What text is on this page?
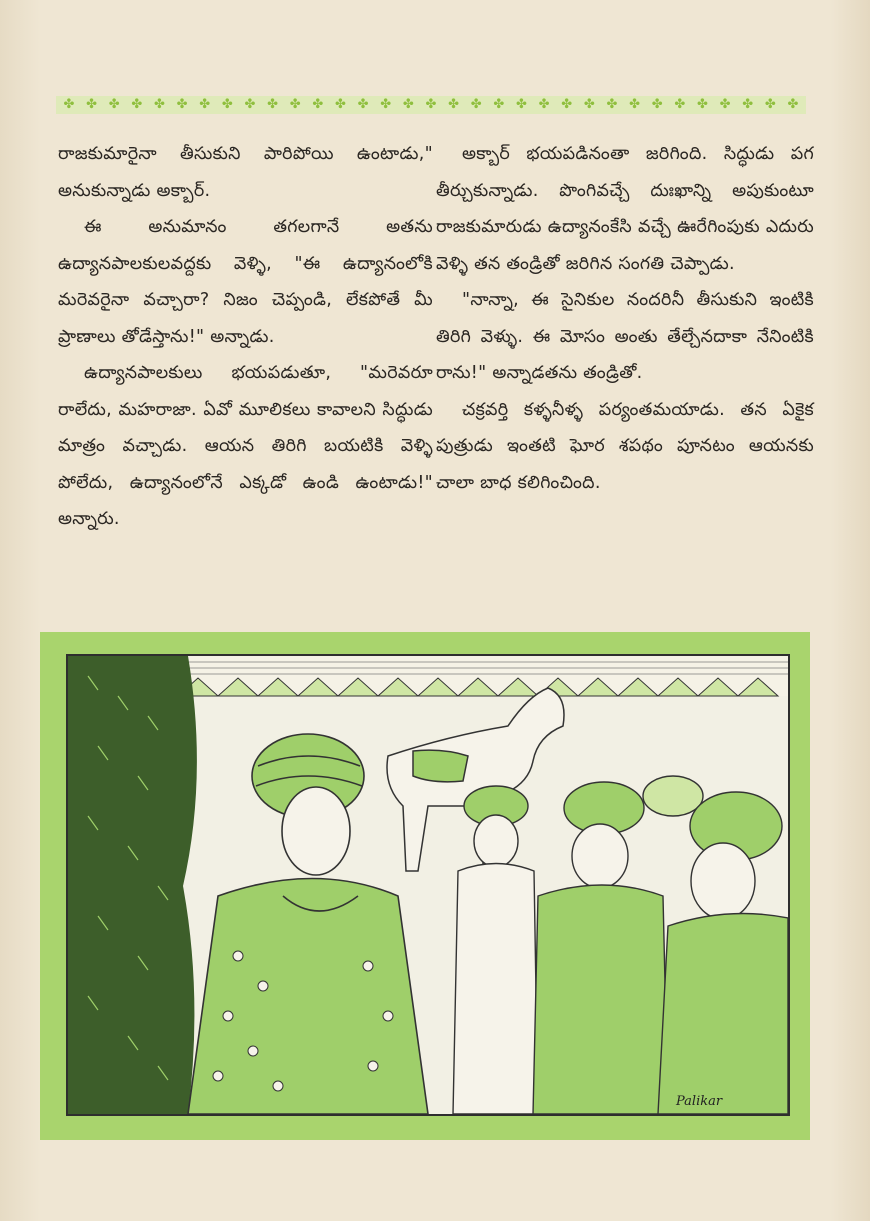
✤ ✤ ✤ ✤ ✤ ✤ ✤ ✤ ✤ ✤ ✤ ✤ ✤ ✤ ✤ ✤ ✤ ✤ ✤ ✤ ✤ ✤ ✤ ✤ ✤ ✤ ✤ ✤ ✤ ✤ ✤ ✤ ✤

రాజకుమారైనా తీసుకుని పారిపోయి ఉంటాడు," అనుకున్నాడు అక్బార్.

ఈ అనుమానం తగలగానే అతను ఉద్యానపాలకులవద్దకు వెళ్ళి, "ఈ ఉద్యానంలోకి మరెవరైనా వచ్చారా? నిజం చెప్పండి, లేకపోతే మీ ప్రాణాలు తోడేస్తాను!" అన్నాడు.

ఉద్యానపాలకులు భయపడుతూ, "మరెవరూ రాలేదు, మహరాజా. ఏవో మూలికలు కావాలని సిద్ధుడు మాత్రం వచ్చాడు. ఆయన తిరిగి బయటికి వెళ్ళి పోలేదు, ఉద్యానంలోనే ఎక్కడో ఉండి ఉంటాడు!" అన్నారు.

అక్బార్ భయపడినంతా జరిగింది. సిద్ధుడు పగ తీర్చుకున్నాడు. పొంగివచ్చే దుఃఖాన్ని అపుకుంటూ రాజకుమారుడు ఉద్యానంకేసి వచ్చే ఊరేగింపుకు ఎదురు వెళ్ళి తన తండ్రితో జరిగిన సంగతి చెప్పాడు.

"నాన్నా, ఈ సైనికుల నందరినీ తీసుకుని ఇంటికి తిరిగి వెళ్ళు. ఈ మోసం అంతు తేల్చేనదాకా నేనింటికి రాను!" అన్నాడతను తండ్రితో.

చక్రవర్తి కళ్ళనీళ్ళ పర్యంతమయాడు. తన ఏకైక పుత్రుడు ఇంతటి ఘోర శపథం పూనటం ఆయనకు చాలా బాధ కలిగించింది.

Palikar
